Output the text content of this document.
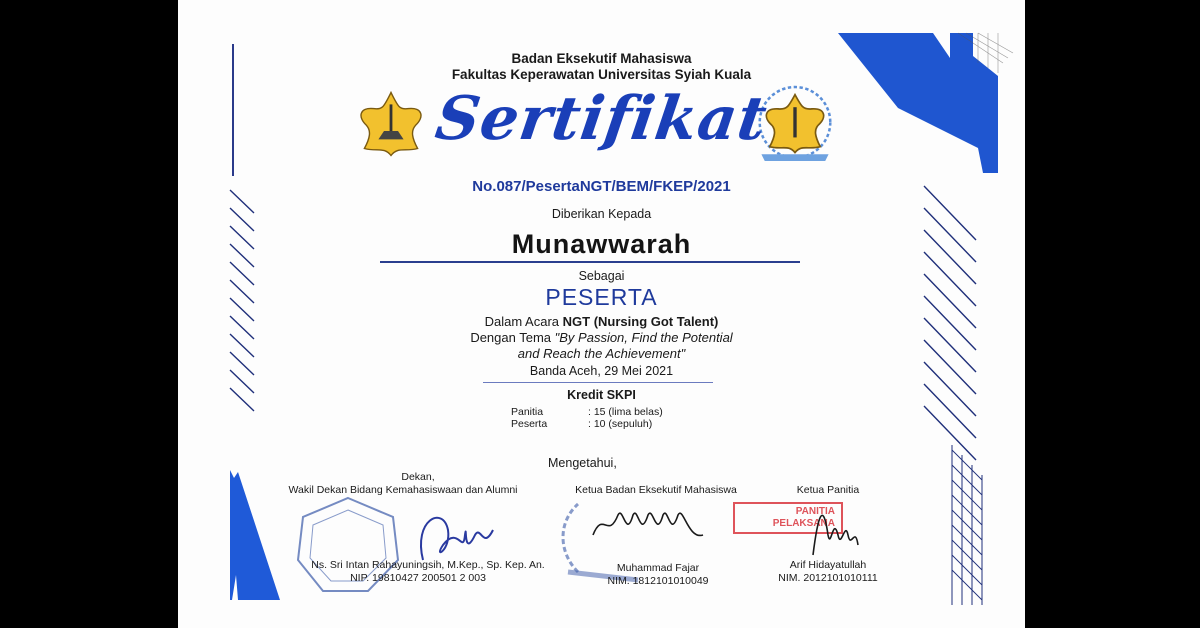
Badan Eksekutif Mahasiswa
Fakultas Keperawatan Universitas Syiah Kuala
Sertifikat
No.087/PesertaNGT/BEM/FKEP/2021
Diberikan Kepada
Munawwarah
Sebagai
PESERTA
Dalam Acara NGT (Nursing Got Talent)
Dengan Tema "By Passion, Find the Potential
and Reach the Achievement"
Banda Aceh, 29 Mei 2021
Kredit SKPI
Panitia	: 15 (lima belas)
Peserta	: 10 (sepuluh)
Mengetahui,
Dekan,
Wakil Dekan Bidang Kemahasiswaan dan Alumni
Ns. Sri Intan Rahayuningsih, M.Kep., Sp. Kep. An.
NIP. 19810427 200501 2 003
Ketua Badan Eksekutif Mahasiswa
Muhammad Fajar
NIM. 1812101010049
Ketua Panitia
PANITIA
PELAKSANA
Arif Hidayatullah
NIM. 2012101010111
